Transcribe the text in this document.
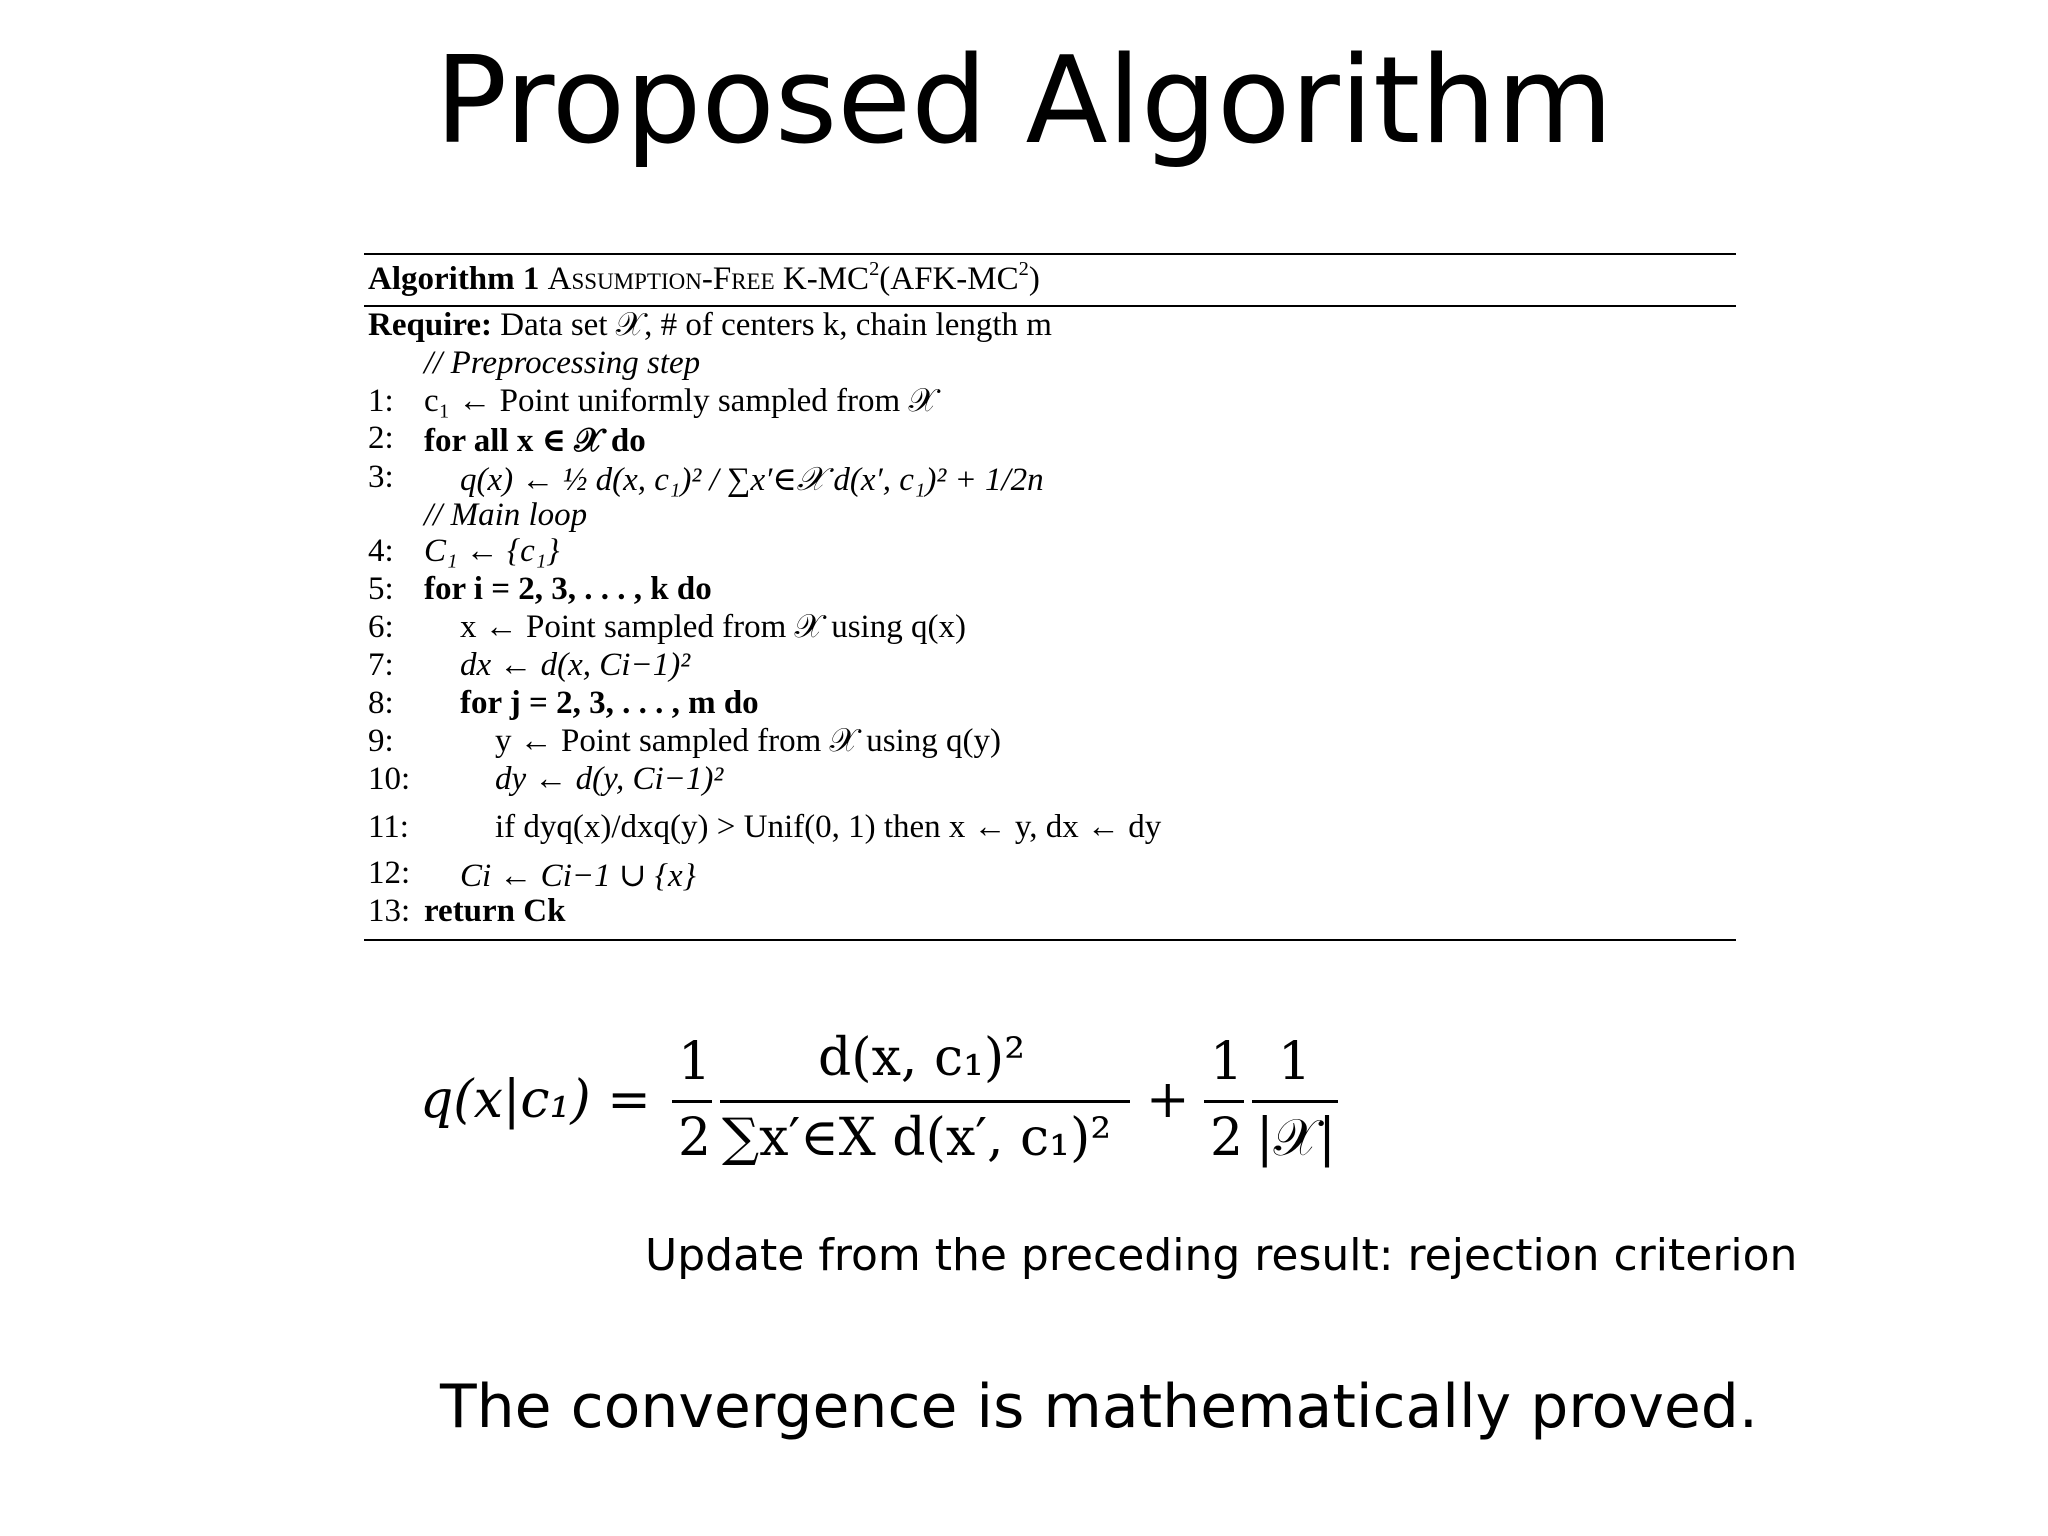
Proposed Algorithm
Algorithm 1 Assumption-Free $K-MC^2(AFK-MC^2)$
Require: Data set 𝒳, # of centers k, chain length m
// Preprocessing step
1: c₁ ← Point uniformly sampled from 𝒳
2: for all x ∈ 𝒳 do
3:	q(x) ← ½ d(x, c₁)² / ∑x′∈𝒳 d(x′, c₁)² + 1/2n
// Main loop
4: C₁ ← {c₁}
5: for i = 2, 3, . . . , k do
6:	x ← Point sampled from 𝒳 using q(x)
7:	dx ← d(x, Ci−1)²
8:	for j = 2, 3, . . . , m do
9:	y ← Point sampled from 𝒳 using q(y)
10:	dy ← d(y, Ci−1)²
11:	if dyq(x)/dxq(y) > Unif(0, 1) then x ← y, dx ← dy
12: Ci ← Ci−1 ∪ {x}
13: return Ck
q(x|c₁) =
1
2
d(x, c₁)²
∑x′∈X d(x′, c₁)²
+
1
2
1
|𝒳|
Update from the preceding result: rejection criterion
The convergence is mathematically proved.
